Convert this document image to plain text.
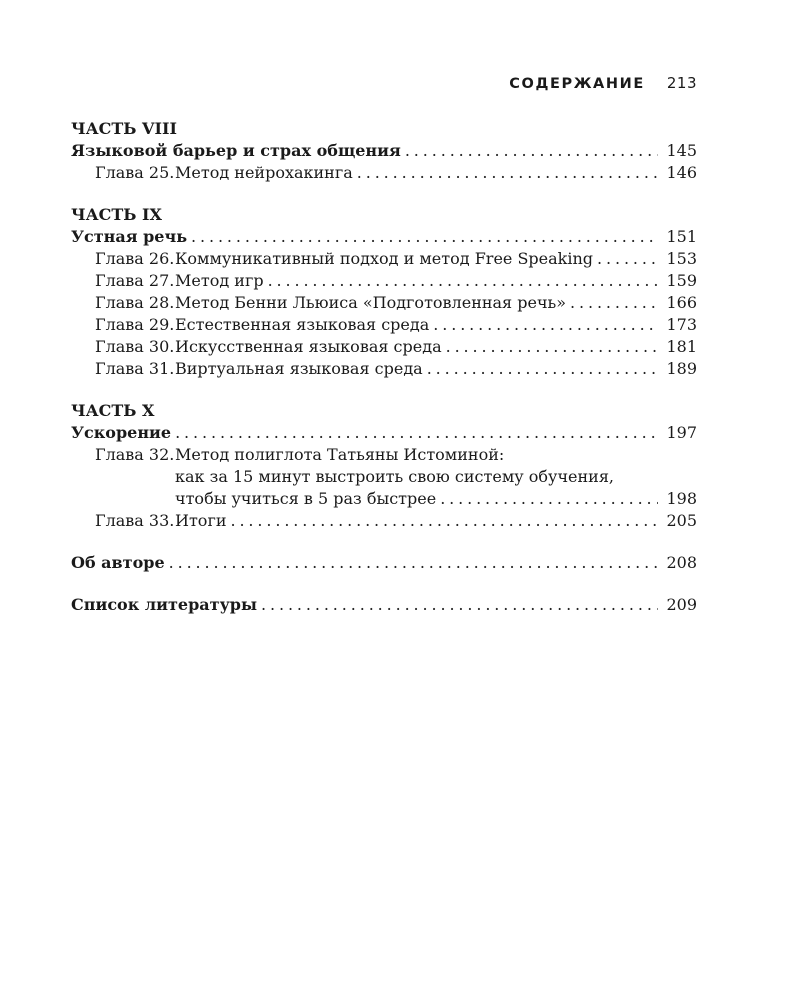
СОДЕРЖАНИЕ 213
ЧАСТЬ VIII
Языковой барьер и страх общения . . .	145
Глава 25.Метод нейрохакинга . . .	146
ЧАСТЬ IX
Устная речь . . .	151
Глава 26.Коммуникативный подход и метод Free Speaking . . .	153
Глава 27.Метод игр . . .	159
Глава 28.Метод Бенни Льюиса «Подготовленная речь» . . .	166
Глава 29.Естественная языковая среда . . .	173
Глава 30.Искусственная языковая среда . . .	181
Глава 31.Виртуальная языковая среда . . .	189
ЧАСТЬ X
Ускорение . . .	197
Глава 32. Метод полиглота Татьяны Истоминой:
как за 15 минут выстроить свою систему обучения,
чтобы учиться в 5 раз быстрее . . .	198
Глава 33.Итоги . . .	205
Об авторе . . .	208
Список литературы . . .	209
